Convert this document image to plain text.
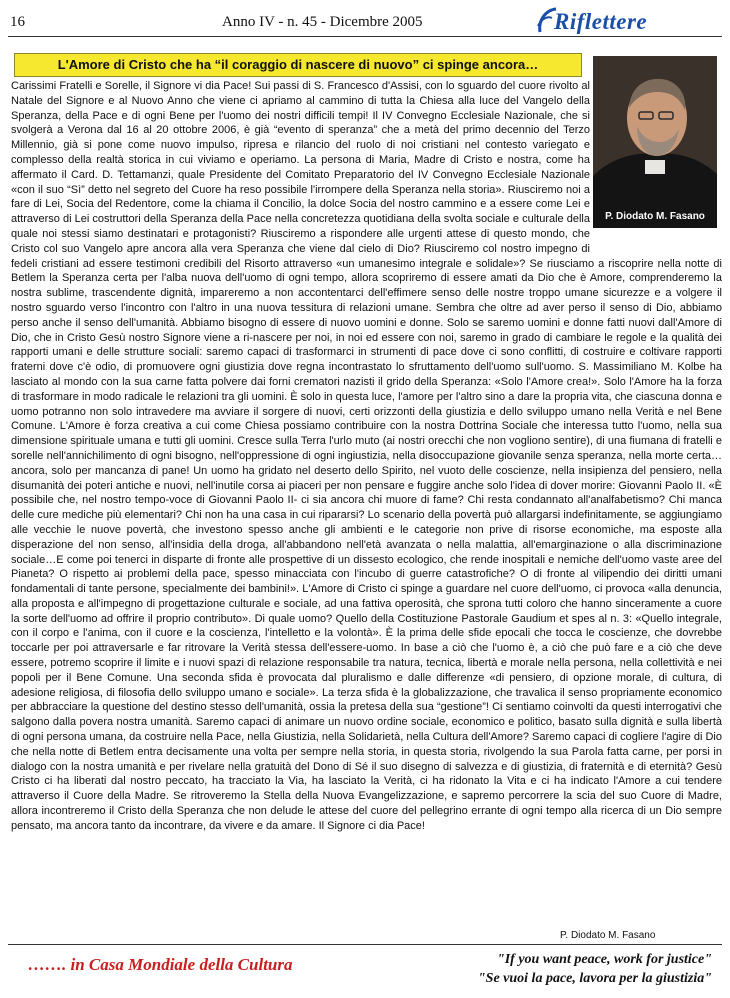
16	Anno IV - n. 45 - Dicembre 2005	Riflettere
L'Amore di Cristo che ha “il coraggio di nascere di nuovo” ci spinge ancora…
P. Diodato M. Fasano
Carissimi Fratelli e Sorelle, il Signore vi dia Pace! Sui passi di S. Francesco d'Assisi, con lo sguardo del cuore rivolto al Natale del Signore e al Nuovo Anno che viene ci apriamo al cammino di tutta la Chiesa alla luce del Vangelo della Speranza, della Pace e di ogni Bene per l'uomo dei nostri difficili tempi! Il IV Convegno Ecclesiale Nazionale, che si svolgerà a Verona dal 16 al 20 ottobre 2006, è già “evento di speranza” che a metà del primo decennio del Terzo Millennio, già si pone come nuovo impulso, ripresa e rilancio del ruolo di noi cristiani nel contesto variegato e complesso della realtà storica in cui viviamo e operiamo. La persona di Maria, Madre di Cristo e nostra, come ha affermato il Card. D. Tettamanzi, quale Presidente del Comitato Preparatorio del IV Convegno Ecclesiale Nazionale «con il suo “Sì” detto nel segreto del Cuore ha reso possibile l'irrompere della Speranza nella storia». Riusciremo noi a fare di Lei, Socia del Redentore, come la chiama il Concilio, la dolce Socia del nostro cammino e a essere come Lei e attraverso di Lei costruttori della Speranza della Pace nella concretezza quotidiana della svolta sociale e culturale della quale noi stessi siamo destinatari e protagonisti? Riusciremo a rispondere alle urgenti attese di questo mondo, che Cristo col suo Vangelo apre ancora alla vera Speranza che viene dal cielo di Dio? Riusciremo col nostro impegno di fedeli cristiani ad essere testimoni credibili del Risorto attraverso «un umanesimo integrale e solidale»? Se riusciamo a riscoprire nella notte di Betlem la Speranza certa per l'alba nuova dell'uomo di ogni tempo, allora scopriremo di essere amati da Dio che è Amore, comprenderemo la nostra sublime, trascendente dignità, impareremo a non accontentarci dell'effimere senso delle nostre troppo umane sicurezze e a volgere il nostro sguardo verso l'incontro con l'altro in una nuova tessitura di relazioni umane. Sembra che oltre ad aver perso il senso di Dio, abbiamo perso anche il senso dell'umanità. Abbiamo bisogno di essere di nuovo uomini e donne. Solo se saremo uomini e donne fatti nuovi dall'Amore di Dio, che in Cristo Gesù nostro Signore viene a ri-nascere per noi, in noi ed essere con noi, saremo in grado di cambiare le regole e la qualità dei rapporti umani e delle strutture sociali: saremo capaci di trasformarci in strumenti di pace dove ci sono conflitti, di costruire e coltivare rapporti fraterni dove c'è odio, di promuovere ogni giustizia dove regna incontrastato lo sfruttamento dell'uomo sull'uomo. S. Massimiliano M. Kolbe ha lasciato al mondo con la sua carne fatta polvere dai forni crematori nazisti il grido della Speranza: «Solo l'Amore crea!». Solo l'Amore ha la forza di trasformare in modo radicale le relazioni tra gli uomini. È solo in questa luce, l'amore per l'altro sino a dare la propria vita, che ciascuna donna e uomo potranno non solo intravedere ma avviare il sorgere di nuovi, certi orizzonti della giustizia e dello sviluppo umano nella Verità e nel Bene Comune. L'Amore è forza creativa a cui come Chiesa possiamo contribuire con la nostra Dottrina Sociale che interessa tutto l'uomo, nella sua dimensione spirituale umana e tutti gli uomini. Cresce sulla Terra l'urlo muto (ai nostri orecchi che non vogliono sentire), di una fiumana di fratelli e sorelle nell'annichilimento di ogni bisogno, nell'oppressione di ogni ingiustizia, nella disoccupazione giovanile senza speranza, nella morte certa…ancora, solo per mancanza di pane! Un uomo ha gridato nel deserto dello Spirito, nel vuoto delle coscienze, nella insipienza del pensiero, nella disumanità dei poteri antiche e nuovi, nell'inutile corsa ai piaceri per non pensare e fuggire anche solo l'idea di dover morire: Giovanni Paolo II. «È possibile che, nel nostro tempo-voce di Giovanni Paolo II- ci sia ancora chi muore di fame? Chi resta condannato all'analfabetismo? Chi manca delle cure mediche più elementari? Chi non ha una casa in cui ripararsi? Lo scenario della povertà può allargarsi indefinitamente, se aggiungiamo alle vecchie le nuove povertà, che investono spesso anche gli ambienti e le categorie non prive di risorse economiche, ma esposte alla disperazione del non senso, all'insidia della droga, all'abbandono nell'età avanzata o nella malattia, all'emarginazione o alla discriminazione sociale…E come poi tenerci in disparte di fronte alle prospettive di un dissesto ecologico, che rende inospitali e nemiche dell'uomo vaste aree del Pianeta? O rispetto ai problemi della pace, spesso minacciata con l'incubo di guerre catastrofiche? O di fronte al vilipendio dei diritti umani fondamentali di tante persone, specialmente dei bambini!». L'Amore di Cristo ci spinge a guardare nel cuore dell'uomo, ci provoca «alla denuncia, alla proposta e all'impegno di progettazione culturale e sociale, ad una fattiva operosità, che sprona tutti coloro che hanno sinceramente a cuore la sorte dell'uomo ad offrire il proprio contributo». Di quale uomo? Quello della Costituzione Pastorale Gaudium et spes al n. 3: «Quello integrale, con il corpo e l'anima, con il cuore e la coscienza, l'intelletto e la volontà». È la prima delle sfide epocali che tocca le coscienze, che dovrebbe toccarle per poi attraversarle e far ritrovare la Verità stessa dell'essere-uomo. In base a ciò che l'uomo è, a ciò che può fare e a ciò che deve essere, potremo scoprire il limite e i nuovi spazi di relazione responsabile tra natura, tecnica, libertà e morale nella persona, nella collettività e nei popoli per il Bene Comune. Una seconda sfida è provocata dal pluralismo e dalle differenze «di pensiero, di opzione morale, di cultura, di adesione religiosa, di filosofia dello sviluppo umano e sociale». La terza sfida è la globalizzazione, che travalica il senso propriamente economico per abbracciare la questione del destino stesso dell'umanità, ossia la pretesa della sua “gestione”! Ci sentiamo coinvolti da questi interrogativi che salgono dalla povera nostra umanità. Saremo capaci di animare un nuovo ordine sociale, economico e politico, basato sulla dignità e sulla libertà di ogni persona umana, da costruire nella Pace, nella Giustizia, nella Solidarietà, nella Cultura dell'Amore? Saremo capaci di cogliere l'agire di Dio che nella notte di Betlem entra decisamente una volta per sempre nella storia, in questa storia, rivolgendo la sua Parola fatta carne, per porsi in dialogo con la nostra umanità e per rivelare nella gratuità del Dono di Sé il suo disegno di salvezza e di giustizia, di fraternità e di eternità? Gesù Cristo ci ha liberati dal nostro peccato, ha tracciato la Via, ha lasciato la Verità, ci ha ridonato la Vita e ci ha indicato l'Amore a cui tendere attraverso il Cuore della Madre. Se ritroveremo la Stella della Nuova Evangelizzazione, e sapremo percorrere la scia del suo Cuore di Madre, allora incontreremo il Cristo della Speranza che non delude le attese del cuore del pellegrino errante di ogni tempo alla ricerca di un Dio sempre pensato, ma ancora tanto da incontrare, da vivere e da amare. Il Signore ci dia Pace!
P. Diodato M. Fasano
……. in Casa Mondiale della Cultura	"If you want peace, work for justice"
"Se vuoi la pace, lavora per la giustizia"
